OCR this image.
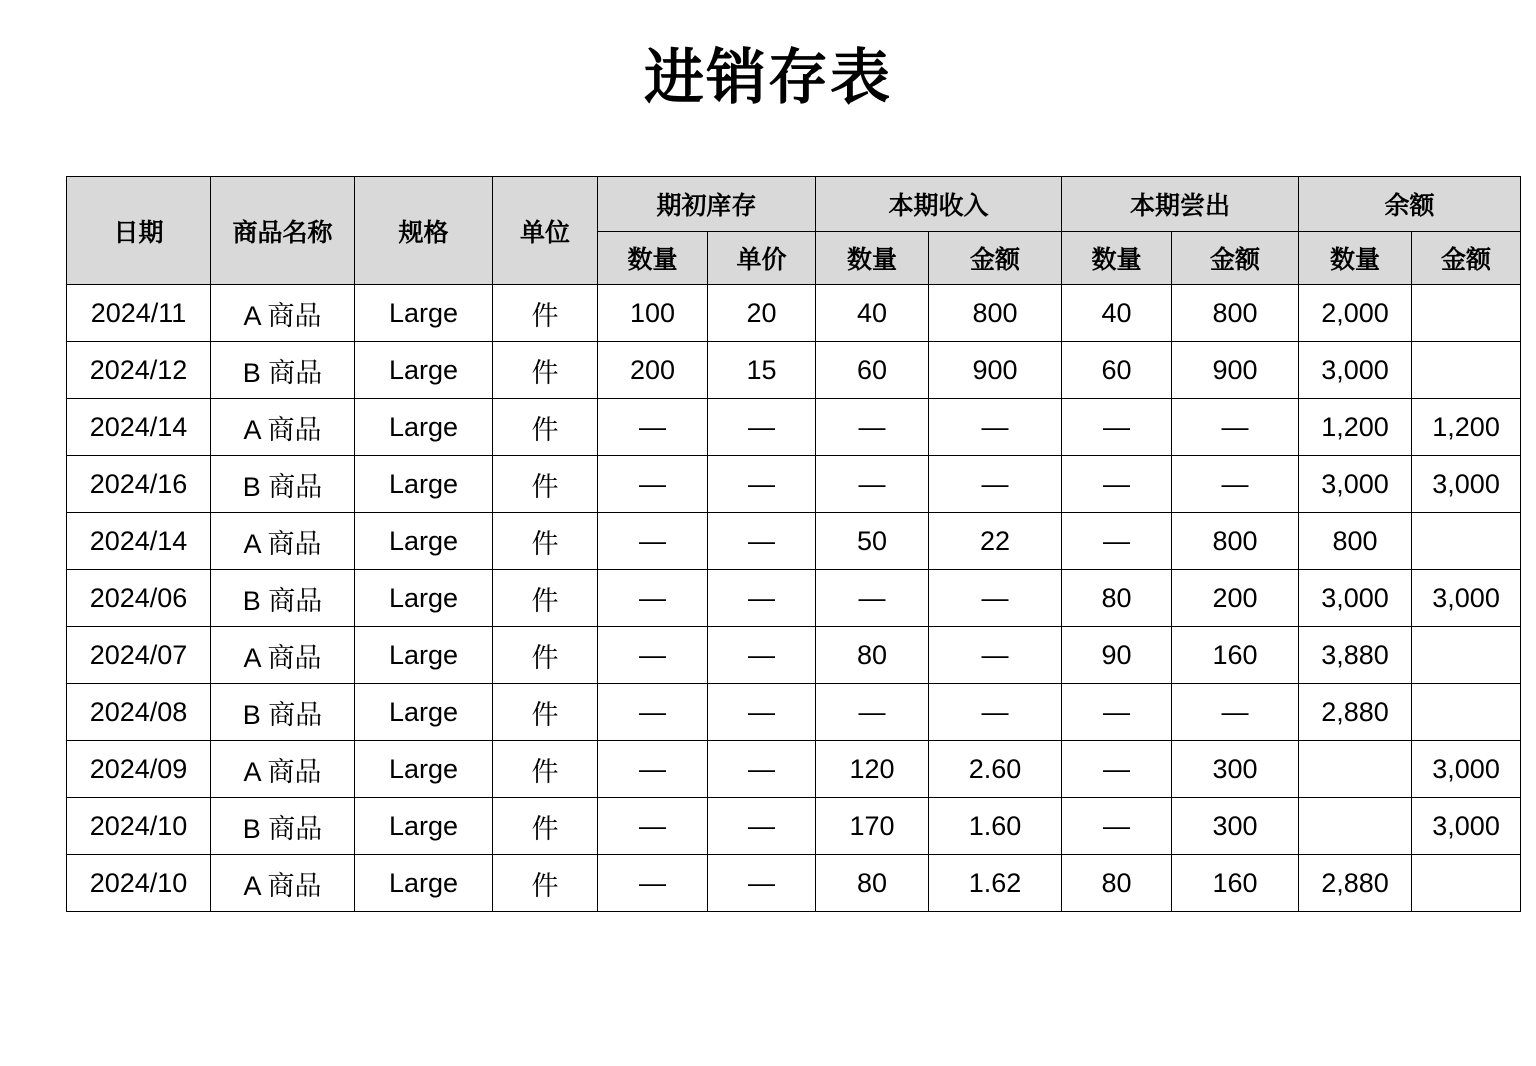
进销存表
日期	商品名称	规格	单位	期初庠存		本期收入		本期尝出		余额	
				数量	单价	数量	金额	数量	金额	数量	金额
2024/11	A 商品	Large	件	100	20	40	800	40	800	2,000	
2024/12	B 商品	Large	件	200	15	60	900	60	900	3,000	
2024/14	A 商品	Large	件	—	—	—	—	—	—	1,200	1,200
2024/16	B 商品	Large	件	—	—	—	—	—	—	3,000	3,000
2024/14	A 商品	Large	件	—	—	50	22	—	800	800	
2024/06	B 商品	Large	件	—	—	—	—	80	200	3,000	3,000
2024/07	A 商品	Large	件	—	—	80	—	90	160	3,880	
2024/08	B 商品	Large	件	—	—	—	—	—	—	2,880	
2024/09	A 商品	Large	件	—	—	120	2.60	—	300		3,000
2024/10	B 商品	Large	件	—	—	170	1.60	—	300		3,000
2024/10	A 商品	Large	件	—	—	80	1.62	80	160	2,880	
